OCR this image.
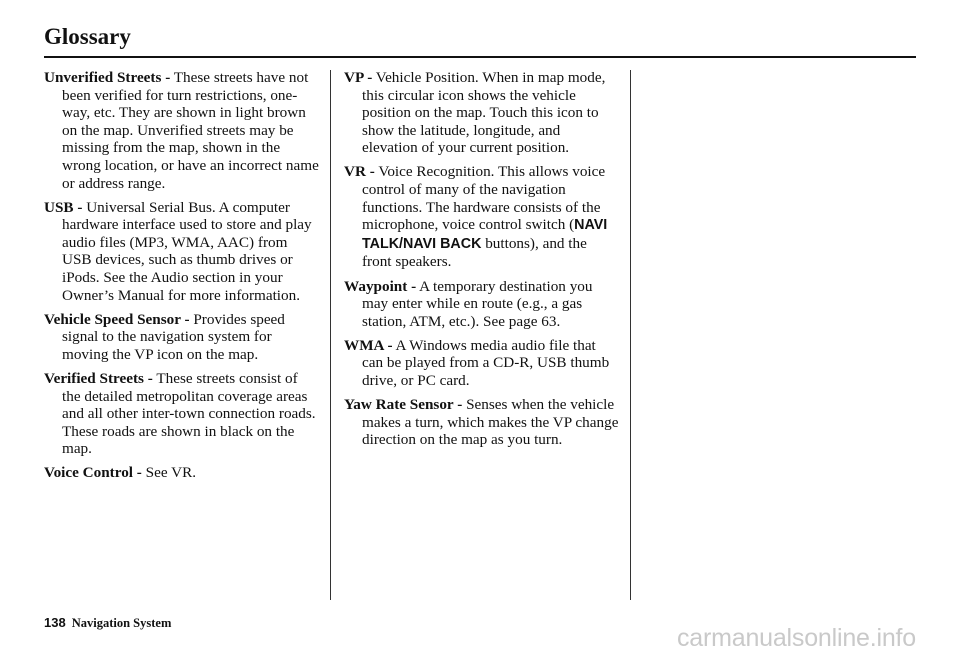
Glossary

Unverified Streets - These streets have not been verified for turn restrictions, one-way, etc. They are shown in light brown on the map. Unverified streets may be missing from the map, shown in the wrong location, or have an incorrect name or address range.

USB - Universal Serial Bus. A computer hardware interface used to store and play audio files (MP3, WMA, AAC) from USB devices, such as thumb drives or iPods. See the Audio section in your Owner’s Manual for more information.

Vehicle Speed Sensor - Provides speed signal to the navigation system for moving the VP icon on the map.

Verified Streets - These streets consist of the detailed metropolitan coverage areas and all other inter-town connection roads. These roads are shown in black on the map.

Voice Control - See VR.

VP - Vehicle Position. When in map mode, this circular icon shows the vehicle position on the map. Touch this icon to show the latitude, longitude, and elevation of your current position.

VR - Voice Recognition. This allows voice control of many of the navigation functions. The hardware consists of the microphone, voice control switch (NAVI TALK/NAVI BACK buttons), and the front speakers.

Waypoint - A temporary destination you may enter while en route (e.g., a gas station, ATM, etc.). See page 63.

WMA - A Windows media audio file that can be played from a CD-R, USB thumb drive, or PC card.

Yaw Rate Sensor - Senses when the vehicle makes a turn, which makes the VP change direction on the map as you turn.

138 Navigation System
carmanualsonline.info
